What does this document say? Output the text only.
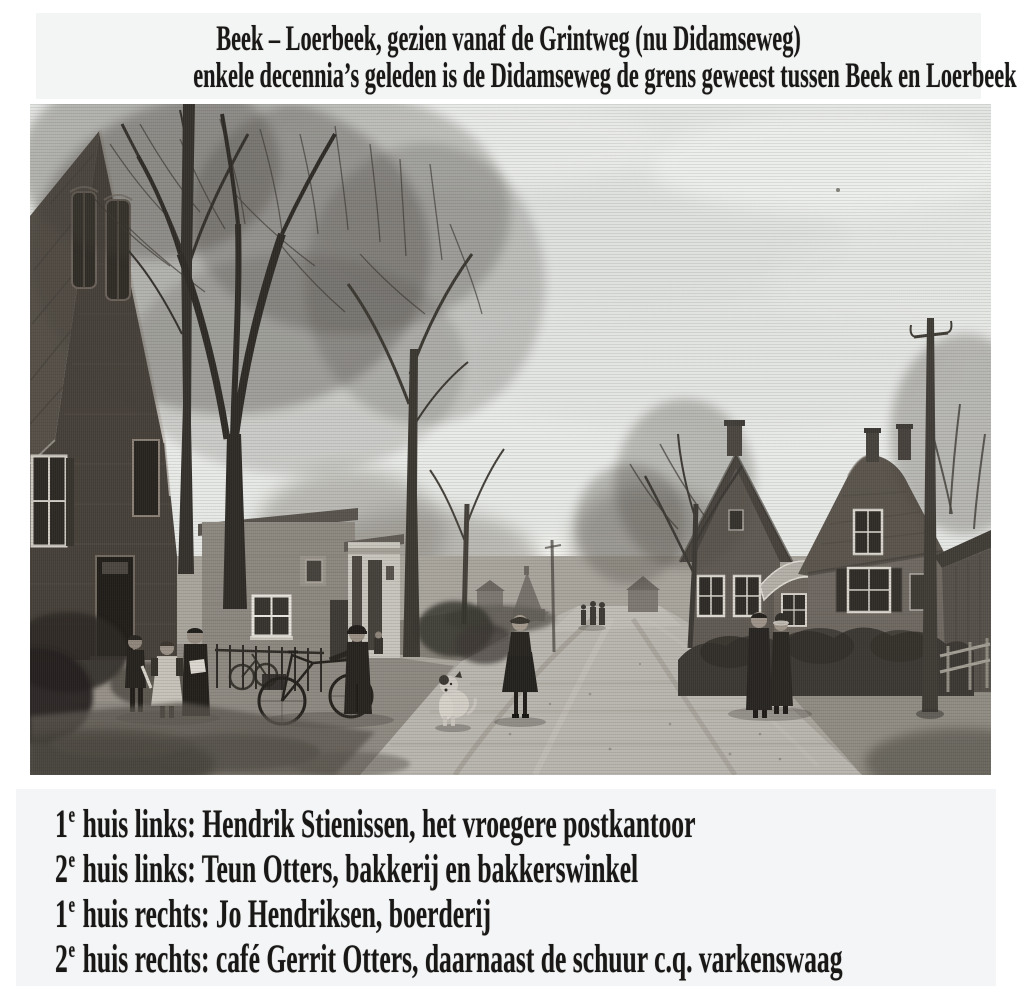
Beek – Loerbeek, gezien vanaf de Grintweg (nu Didamseweg)
enkele decennia’s geleden is de Didamseweg de grens geweest tussen Beek en Loerbeek
1e huis links: Hendrik Stienissen, het vroegere postkantoor
2e huis links: Teun Otters, bakkerij en bakkerswinkel
1e huis rechts: Jo Hendriksen, boerderij
2e huis rechts: café Gerrit Otters, daarnaast de schuur c.q. varkenswaag
